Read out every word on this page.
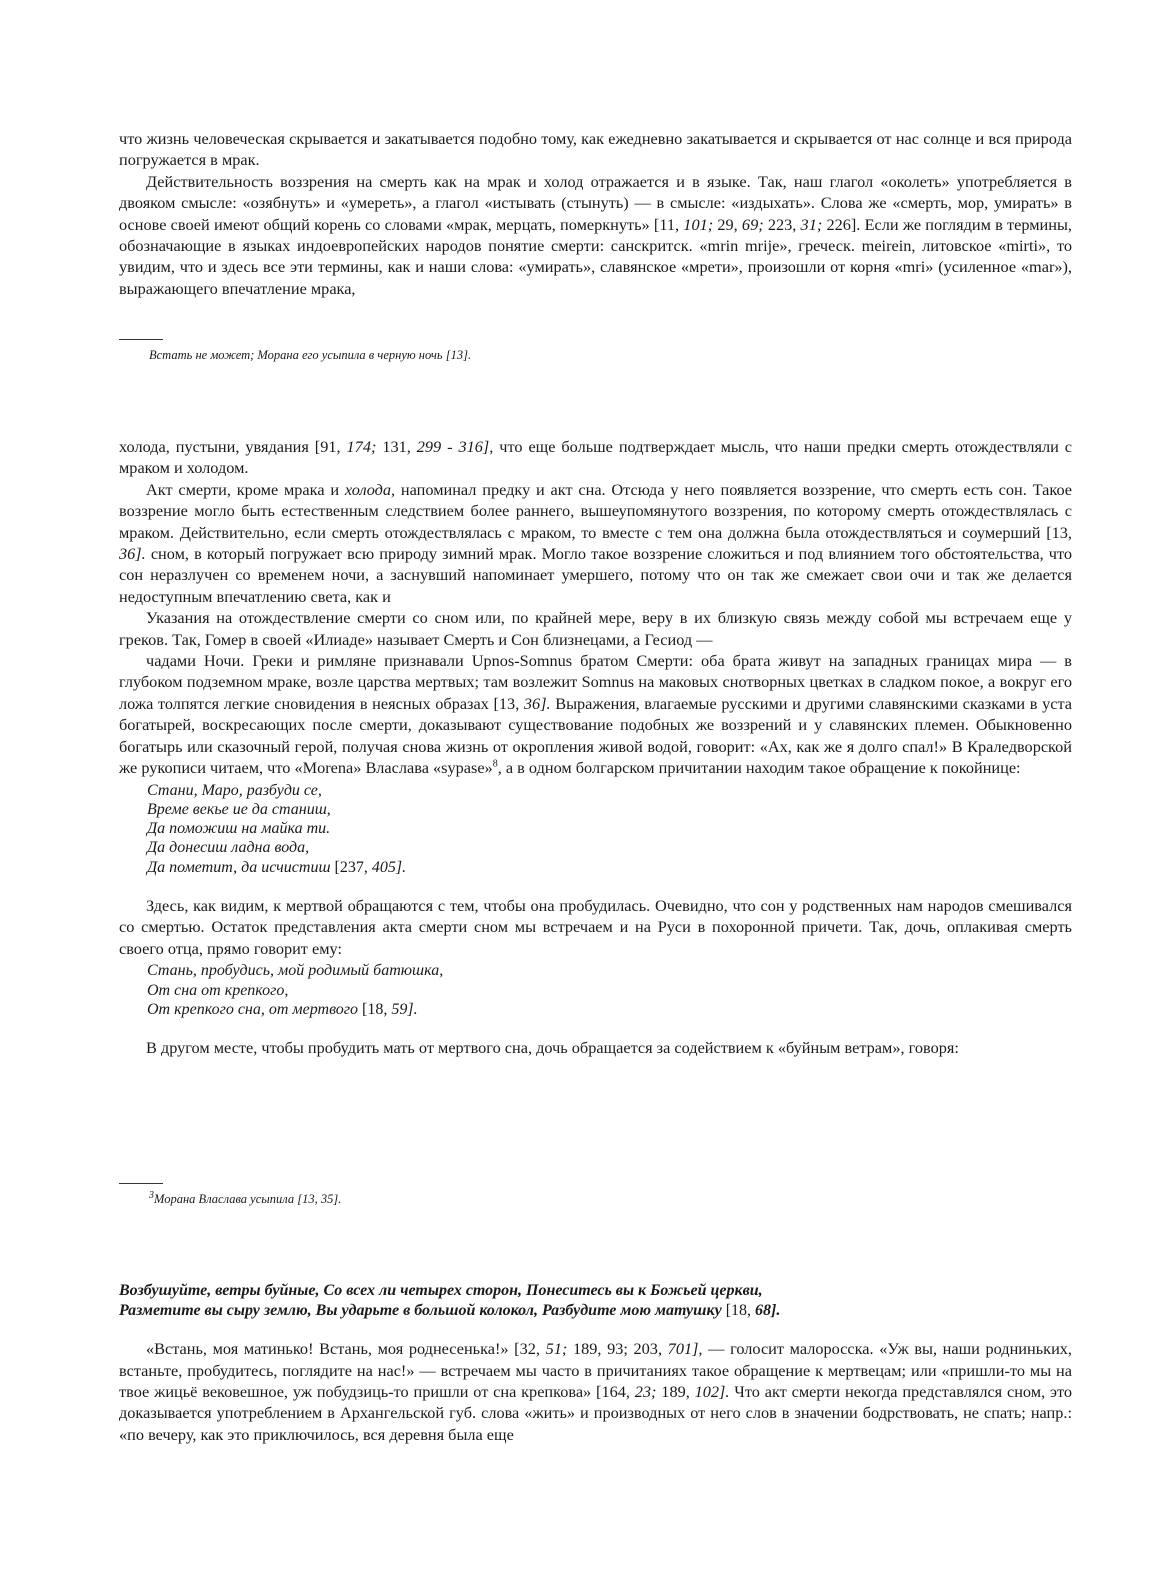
что жизнь человеческая скрывается и закатывается подобно тому, как ежедневно закатывается и скрывается от нас солнце и вся природа погружается в мрак.

Действительность воззрения на смерть как на мрак и холод отражается и в языке. Так, наш глагол «околеть» употребляется в двояком смысле: «озябнуть» и «умереть», а глагол «истывать (стынуть) — в смысле: «издыхать». Слова же «смерть, мор, умирать» в основе своей имеют общий корень со словами «мрак, мерцать, померкнуть» [11, 101; 29, 69; 223, 31; 226]. Если же поглядим в термины, обозначающие в языках индоевропейских народов понятие смерти: санскритск. «mrin mrije», греческ. meirein, литовское «mirti», то увидим, что и здесь все эти термины, как и наши слова: «умирать», славянское «мрети», произошли от корня «mri» (усиленное «mar»), выражающего впечатление мрака,

Встать не может; Морана его усыпила в черную ночь [13].

холода, пустыни, увядания [91, 174; 131, 299 - 316], что еще больше подтверждает мысль, что наши предки смерть отождествляли с мраком и холодом.

Акт смерти, кроме мрака и холода, напоминал предку и акт сна. Отсюда у него появляется воззрение, что смерть есть сон. Такое воззрение могло быть естественным следствием более раннего, вышеупомянутого воззрения, по которому смерть отождествлялась с мраком. Действительно, если смерть отождествлялась с мраком, то вместе с тем она должна была отождествляться и соумерший [13, 36]. сном, в который погружает всю природу зимний мрак. Могло такое воззрение сложиться и под влиянием того обстоятельства, что сон неразлучен со временем ночи, а заснувший напоминает умершего, потому что он так же смежает свои очи и так же делается недоступным впечатлению света, как и

Указания на отождествление смерти со сном или, по крайней мере, веру в их близкую связь между собой мы встречаем еще у греков. Так, Гомер в своей «Илиаде» называет Смерть и Сон близнецами, а Гесиод —

чадами Ночи. Греки и римляне признавали Upnos-Somnus братом Смерти: оба брата живут на западных границах мира — в глубоком подземном мраке, возле царства мертвых; там возлежит Somnus на маковых снотворных цветках в сладком покое, а вокруг его ложа толпятся легкие сновидения в неясных образах [13, 36]. Выражения, влагаемые русскими и другими славянскими сказками в уста богатырей, воскресающих после смерти, доказывают существование подобных же воззрений и у славянских племен. Обыкновенно богатырь или сказочный герой, получая снова жизнь от окропления живой водой, говорит: «Ах, как же я долго спал!» В Краледворской же рукописи читаем, что «Morena» Власлава «sypase»$^8$, а в одном болгарском причитании находим такое обращение к покойнице:

Стани, Маро, разбуди се,
Време векье ие да станиш,
Да поможиш на майка ти.
Да донесиш ладна вода,
Да пометит, да исчистиш [237, 405].

Здесь, как видим, к мертвой обращаются с тем, чтобы она пробудилась. Очевидно, что сон у родственных нам народов смешивался со смертью. Остаток представления акта смерти сном мы встречаем и на Руси в похоронной причети. Так, дочь, оплакивая смерть своего отца, прямо говорит ему:

Стань, пробудись, мой родимый батюшка,
От сна от крепкого,
От крепкого сна, от мертвого [18, 59].

В другом месте, чтобы пробудить мать от мертвого сна, дочь обращается за содействием к «буйным ветрам», говоря:

$^3$Морана Власлава усыпила [13, 35].
Возбушуйте, ветры буйные, Со всех ли четырех сторон, Понеситесь вы к Божьей церкви,
Разметите вы сыру землю, Вы ударьте в большой колокол, Разбудите мою матушку [18, 68].

«Встань, моя матинько! Встань, моя роднесенька!» [32, 51; 189, 93; 203, 701], — голосит малоросска. «Уж вы, наши родниньких, встаньте, пробудитесь, поглядите на нас!» — встречаем мы часто в причитаниях такое обращение к мертвецам; или «пришли-то мы на твое жицьё вековешное, уж побудзиць-то пришли от сна крепкова» [164, 23; 189, 102]. Что акт смерти некогда представлялся сном, это доказывается употреблением в Архангельской губ. слова «жить» и производных от него слов в значении бодрствовать, не спать; напр.: «по вечеру, как это приключилось, вся деревня была еще
